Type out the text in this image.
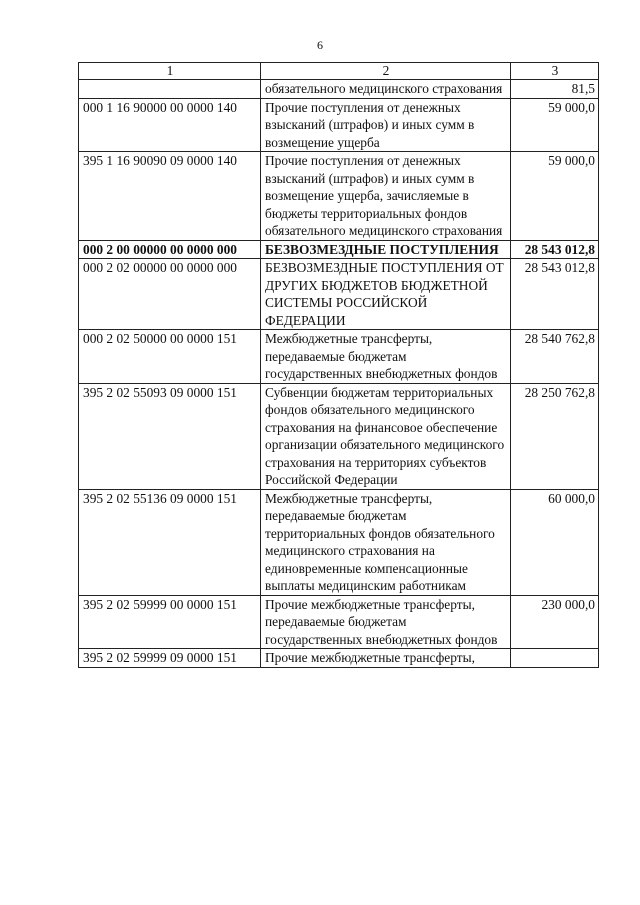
6
1	2	3
	обязательного медицинского страхования	81,5
000 1 16 90000 00 0000 140	Прочие поступления от денежных взысканий (штрафов) и иных сумм в возмещение ущерба	59 000,0
395 1 16 90090 09 0000 140	Прочие поступления от денежных взысканий (штрафов) и иных сумм в возмещение ущерба, зачисляемые в бюджеты территориальных фондов обязательного медицинского страхования	59 000,0
000 2 00 00000 00 0000 000	БЕЗВОЗМЕЗДНЫЕ ПОСТУПЛЕНИЯ	28 543 012,8
000 2 02 00000 00 0000 000	БЕЗВОЗМЕЗДНЫЕ ПОСТУПЛЕНИЯ ОТ ДРУГИХ БЮДЖЕТОВ БЮДЖЕТНОЙ СИСТЕМЫ РОССИЙСКОЙ ФЕДЕРАЦИИ	28 543 012,8
000 2 02 50000 00 0000 151	Межбюджетные трансферты, передаваемые бюджетам государственных внебюджетных фондов	28 540 762,8
395 2 02 55093 09 0000 151	Субвенции бюджетам территориальных фондов обязательного медицинского страхования на финансовое обеспечение организации обязательного медицинского страхования на территориях субъектов Российской Федерации	28 250 762,8
395 2 02 55136 09 0000 151	Межбюджетные трансферты, передаваемые бюджетам территориальных фондов обязательного медицинского страхования на единовременные компенсационные выплаты медицинским работникам	60 000,0
395 2 02 59999 00 0000 151	Прочие межбюджетные трансферты, передаваемые бюджетам государственных внебюджетных фондов	230 000,0
395 2 02 59999 09 0000 151	Прочие межбюджетные трансферты,	
